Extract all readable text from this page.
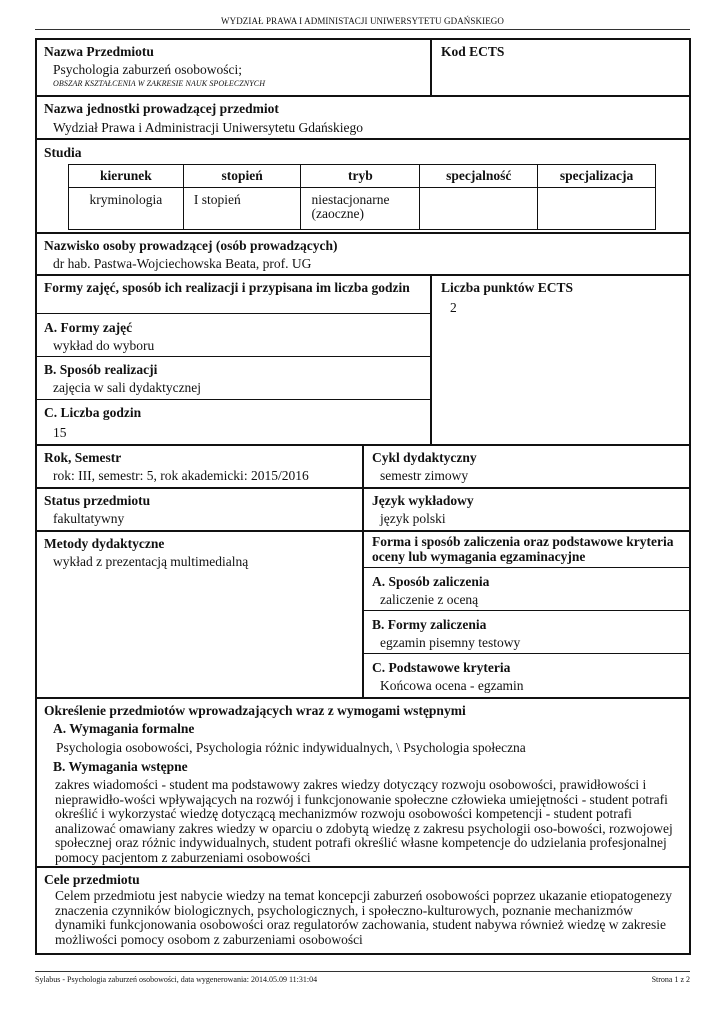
WYDZIAŁ PRAWA I ADMINISTACJI UNIWERSYTETU GDAŃSKIEGO
Nazwa Przedmiotu
Psychologia zaburzeń osobowości;
OBSZAR KSZTAŁCENIA W ZAKRESIE NAUK SPOŁECZNYCH
Kod ECTS
Nazwa jednostki prowadzącej przedmiot
Wydział Prawa i Administracji Uniwersytetu Gdańskiego
Studia
kierunek	stopień	tryb	specjalność	specjalizacja
kryminologia	I stopień	niestacjonarne (zaoczne)		
Nazwisko osoby prowadzącej (osób prowadzących)
dr hab. Pastwa-Wojciechowska Beata, prof. UG
Formy zajęć, sposób ich realizacji i przypisana im liczba godzin
A. Formy zajęć
wykład do wyboru
B. Sposób realizacji
zajęcia w sali dydaktycznej
C. Liczba godzin
15
Liczba punktów ECTS
2
Rok, Semestr
rok: III, semestr: 5, rok akademicki: 2015/2016
Cykl dydaktyczny
semestr zimowy
Status przedmiotu
fakultatywny
Język wykładowy
język polski
Metody dydaktyczne
wykład z prezentacją multimedialną
Forma i sposób zaliczenia oraz podstawowe kryteria oceny lub wymagania egzaminacyjne
A. Sposób zaliczenia
zaliczenie z oceną
B. Formy zaliczenia
egzamin pisemny testowy
C. Podstawowe kryteria
Końcowa ocena - egzamin
Określenie przedmiotów wprowadzających wraz z wymogami wstępnymi
A. Wymagania formalne
Psychologia osobowości, Psychologia różnic indywidualnych, \ Psychologia społeczna
B. Wymagania wstępne
zakres wiadomości - student ma podstawowy zakres wiedzy dotyczący rozwoju osobowości, prawidłowości i nieprawidło-wości wpływających na rozwój i funkcjonowanie społeczne człowieka umiejętności - student potrafi określić i wykorzystać wiedzę dotyczącą mechanizmów rozwoju osobowości kompetencji - student potrafi analizować omawiany zakres wiedzy w oparciu o zdobytą wiedzę z zakresu psychologii oso-bowości, rozwojowej społecznej oraz różnic indywidualnych, student potrafi określić własne kompetencje do udzielania profesjonalnej pomocy pacjentom z zaburzeniami osobowości
Cele przedmiotu
Celem przedmiotu jest nabycie wiedzy na temat koncepcji zaburzeń osobowości poprzez ukazanie etiopatogenezy znaczenia czynników biologicznych, psychologicznych, i społeczno-kulturowych, poznanie mechanizmów dynamiki funkcjonowania osobowości oraz regulatorów zachowania, student nabywa również wiedzę w zakresie możliwości pomocy osobom z zaburzeniami osobowości
Sylabus - Psychologia zaburzeń osobowości, data wygenerowania: 2014.05.09 11:31:04	Strona 1 z 2
